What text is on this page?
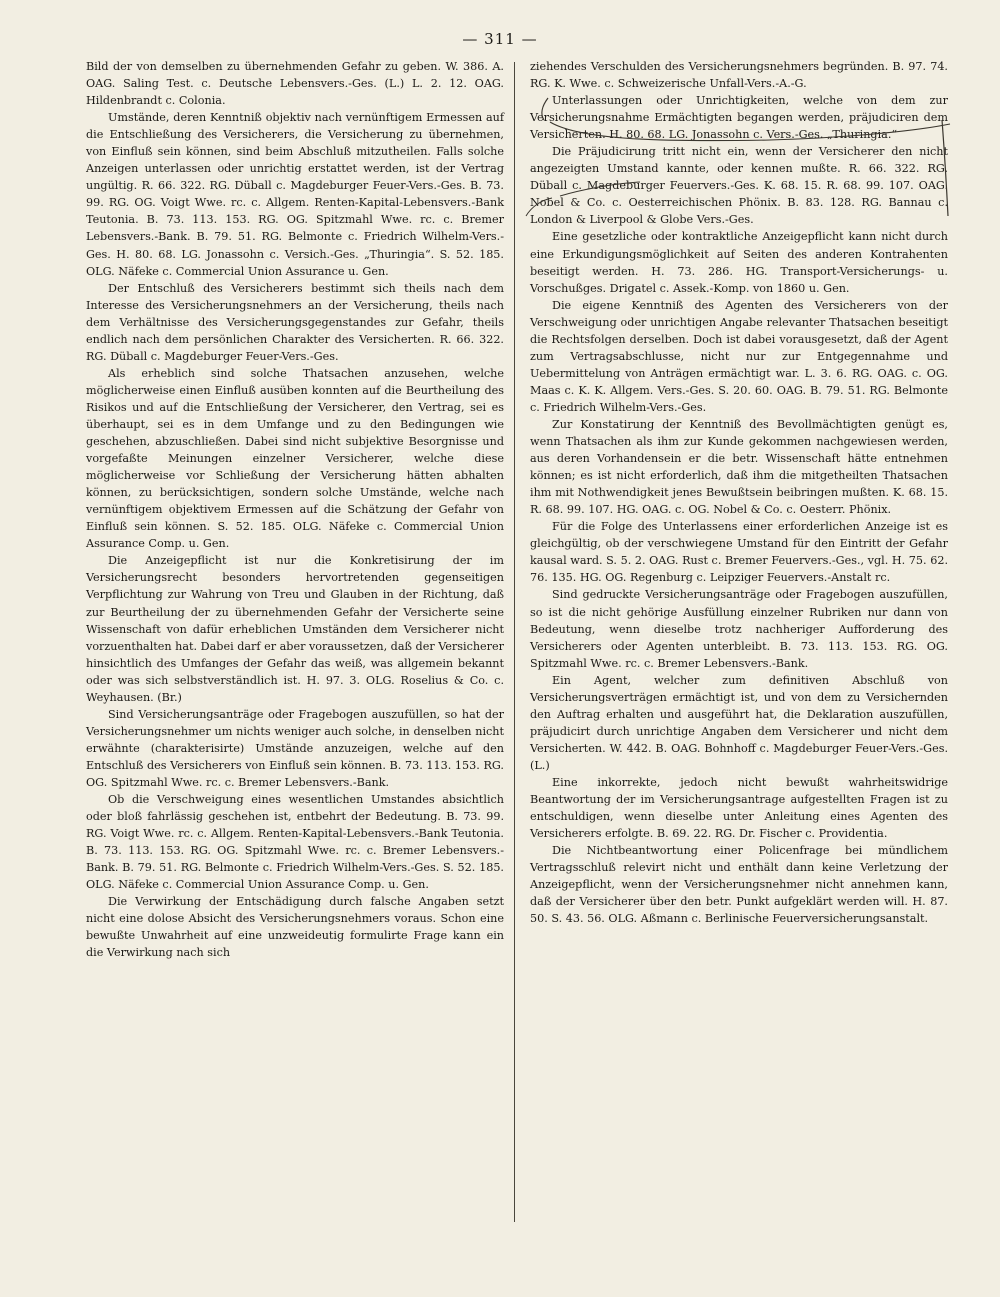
— 311 —

Bild der von demselben zu übernehmenden Gefahr zu geben. W. 386. A. OAG. Saling Test. c. Deutsche Lebensvers.-Ges. (L.) L. 2. 12. OAG. Hildenbrandt c. Colonia.

Umstände, deren Kenntniß objektiv nach vernünftigem Ermessen auf die Entschließung des Versicherers, die Versicherung zu übernehmen, von Einfluß sein können, sind beim Abschluß mitzutheilen. Falls solche Anzeigen unterlassen oder unrichtig erstattet werden, ist der Vertrag ungültig. R. 66. 322. RG. Düball c. Magdeburger Feuer-Vers.-Ges. B. 73. 99. RG. OG. Voigt Wwe. rc. c. Allgem. Renten-Kapital-Lebensvers.-Bank Teutonia. B. 73. 113. 153. RG. OG. Spitzmahl Wwe. rc. c. Bremer Lebensvers.-Bank. B. 79. 51. RG. Belmonte c. Friedrich Wilhelm-Vers.-Ges. H. 80. 68. LG. Jonassohn c. Versich.-Ges. „Thuringia“. S. 52. 185. OLG. Näfeke c. Commercial Union Assurance u. Gen.

Der Entschluß des Versicherers bestimmt sich theils nach dem Interesse des Versicherungsnehmers an der Versicherung, theils nach dem Verhältnisse des Versicherungsgegenstandes zur Gefahr, theils endlich nach dem persönlichen Charakter des Versicherten. R. 66. 322. RG. Düball c. Magdeburger Feuer-Vers.-Ges.

Als erheblich sind solche Thatsachen anzusehen, welche möglicherweise einen Einfluß ausüben konnten auf die Beurtheilung des Risikos und auf die Entschließung der Versicherer, den Vertrag, sei es überhaupt, sei es in dem Umfange und zu den Bedingungen wie geschehen, abzuschließen. Dabei sind nicht subjektive Besorgnisse und vorgefaßte Meinungen einzelner Versicherer, welche diese möglicherweise vor Schließung der Versicherung hätten abhalten können, zu berücksichtigen, sondern solche Umstände, welche nach vernünftigem objektivem Ermessen auf die Schätzung der Gefahr von Einfluß sein können. S. 52. 185. OLG. Näfeke c. Commercial Union Assurance Comp. u. Gen.

Die Anzeigepflicht ist nur die Konkretisirung der im Versicherungsrecht besonders hervortretenden gegenseitigen Verpflichtung zur Wahrung von Treu und Glauben in der Richtung, daß zur Beurtheilung der zu übernehmenden Gefahr der Versicherte seine Wissenschaft von dafür erheblichen Umständen dem Versicherer nicht vorzuenthalten hat. Dabei darf er aber voraussetzen, daß der Versicherer hinsichtlich des Umfanges der Gefahr das weiß, was allgemein bekannt oder was sich selbstverständlich ist. H. 97. 3. OLG. Roselius & Co. c. Weyhausen. (Br.)

Sind Versicherungsanträge oder Fragebogen auszufüllen, so hat der Versicherungsnehmer um nichts weniger auch solche, in denselben nicht erwähnte (charakterisirte) Umstände anzuzeigen, welche auf den Entschluß des Versicherers von Einfluß sein können. B. 73. 113. 153. RG. OG. Spitzmahl Wwe. rc. c. Bremer Lebensvers.-Bank.

Ob die Verschweigung eines wesentlichen Umstandes absichtlich oder bloß fahrlässig geschehen ist, entbehrt der Bedeutung. B. 73. 99. RG. Voigt Wwe. rc. c. Allgem. Renten-Kapital-Lebensvers.-Bank Teutonia. B. 73. 113. 153. RG. OG. Spitzmahl Wwe. rc. c. Bremer Lebensvers.-Bank. B. 79. 51. RG. Belmonte c. Friedrich Wilhelm-Vers.-Ges. S. 52. 185. OLG. Näfeke c. Commercial Union Assurance Comp. u. Gen.

Die Verwirkung der Entschädigung durch falsche Angaben setzt nicht eine dolose Absicht des Versicherungsnehmers voraus. Schon eine bewußte Unwahrheit auf eine unzweideutig formulirte Frage kann ein die Verwirkung nach sich

ziehendes Verschulden des Versicherungsnehmers begründen. B. 97. 74. RG. K. Wwe. c. Schweizerische Unfall-Vers.-A.-G.

Unterlassungen oder Unrichtigkeiten, welche von dem zur Versicherungsnahme Ermächtigten begangen werden, präjudiciren dem Versicherten. H. 80. 68. LG. Jonassohn c. Vers.-Ges. „Thuringia.“

Die Präjudicirung tritt nicht ein, wenn der Versicherer den nicht angezeigten Umstand kannte, oder kennen mußte. R. 66. 322. RG. Düball c. Magdeburger Feuervers.-Ges. K. 68. 15. R. 68. 99. 107. OAG. Nobel & Co. c. Oesterreichischen Phönix. B. 83. 128. RG. Bannau c. London & Liverpool & Globe Vers.-Ges.

Eine gesetzliche oder kontraktliche Anzeigepflicht kann nicht durch eine Erkundigungsmöglichkeit auf Seiten des anderen Kontrahenten beseitigt werden. H. 73. 286. HG. Transport-Versicherungs- u. Vorschußges. Drigatel c. Assek.-Komp. von 1860 u. Gen.

Die eigene Kenntniß des Agenten des Versicherers von der Verschweigung oder unrichtigen Angabe relevanter Thatsachen beseitigt die Rechtsfolgen derselben. Doch ist dabei vorausgesetzt, daß der Agent zum Vertragsabschlusse, nicht nur zur Entgegennahme und Uebermittelung von Anträgen ermächtigt war. L. 3. 6. RG. OAG. c. OG. Maas c. K. K. Allgem. Vers.-Ges. S. 20. 60. OAG. B. 79. 51. RG. Belmonte c. Friedrich Wilhelm-Vers.-Ges.

Zur Konstatirung der Kenntniß des Bevollmächtigten genügt es, wenn Thatsachen als ihm zur Kunde gekommen nachgewiesen werden, aus deren Vorhandensein er die betr. Wissenschaft hätte entnehmen können; es ist nicht erforderlich, daß ihm die mitgetheilten Thatsachen ihm mit Nothwendigkeit jenes Bewußtsein beibringen mußten. K. 68. 15. R. 68. 99. 107. HG. OAG. c. OG. Nobel & Co. c. Oesterr. Phönix.

Für die Folge des Unterlassens einer erforderlichen Anzeige ist es gleichgültig, ob der verschwiegene Umstand für den Eintritt der Gefahr kausal ward. S. 5. 2. OAG. Rust c. Bremer Feuervers.-Ges., vgl. H. 75. 62. 76. 135. HG. OG. Regenburg c. Leipziger Feuervers.-Anstalt rc.

Sind gedruckte Versicherungsanträge oder Fragebogen auszufüllen, so ist die nicht gehörige Ausfüllung einzelner Rubriken nur dann von Bedeutung, wenn dieselbe trotz nachheriger Aufforderung des Versicherers oder Agenten unterbleibt. B. 73. 113. 153. RG. OG. Spitzmahl Wwe. rc. c. Bremer Lebensvers.-Bank.

Ein Agent, welcher zum definitiven Abschluß von Versicherungsverträgen ermächtigt ist, und von dem zu Versichernden den Auftrag erhalten und ausgeführt hat, die Deklaration auszufüllen, präjudicirt durch unrichtige Angaben dem Versicherer und nicht dem Versicherten. W. 442. B. OAG. Bohnhoff c. Magdeburger Feuer-Vers.-Ges. (L.)

Eine inkorrekte, jedoch nicht bewußt wahrheitswidrige Beantwortung der im Versicherungsantrage aufgestellten Fragen ist zu entschuldigen, wenn dieselbe unter Anleitung eines Agenten des Versicherers erfolgte. B. 69. 22. RG. Dr. Fischer c. Providentia.

Die Nichtbeantwortung einer Policenfrage bei mündlichem Vertragsschluß relevirt nicht und enthält dann keine Verletzung der Anzeigepflicht, wenn der Versicherungsnehmer nicht annehmen kann, daß der Versicherer über den betr. Punkt aufgeklärt werden will. H. 87. 50. S. 43. 56. OLG. Aßmann c. Berlinische Feuerversicherungsanstalt.
